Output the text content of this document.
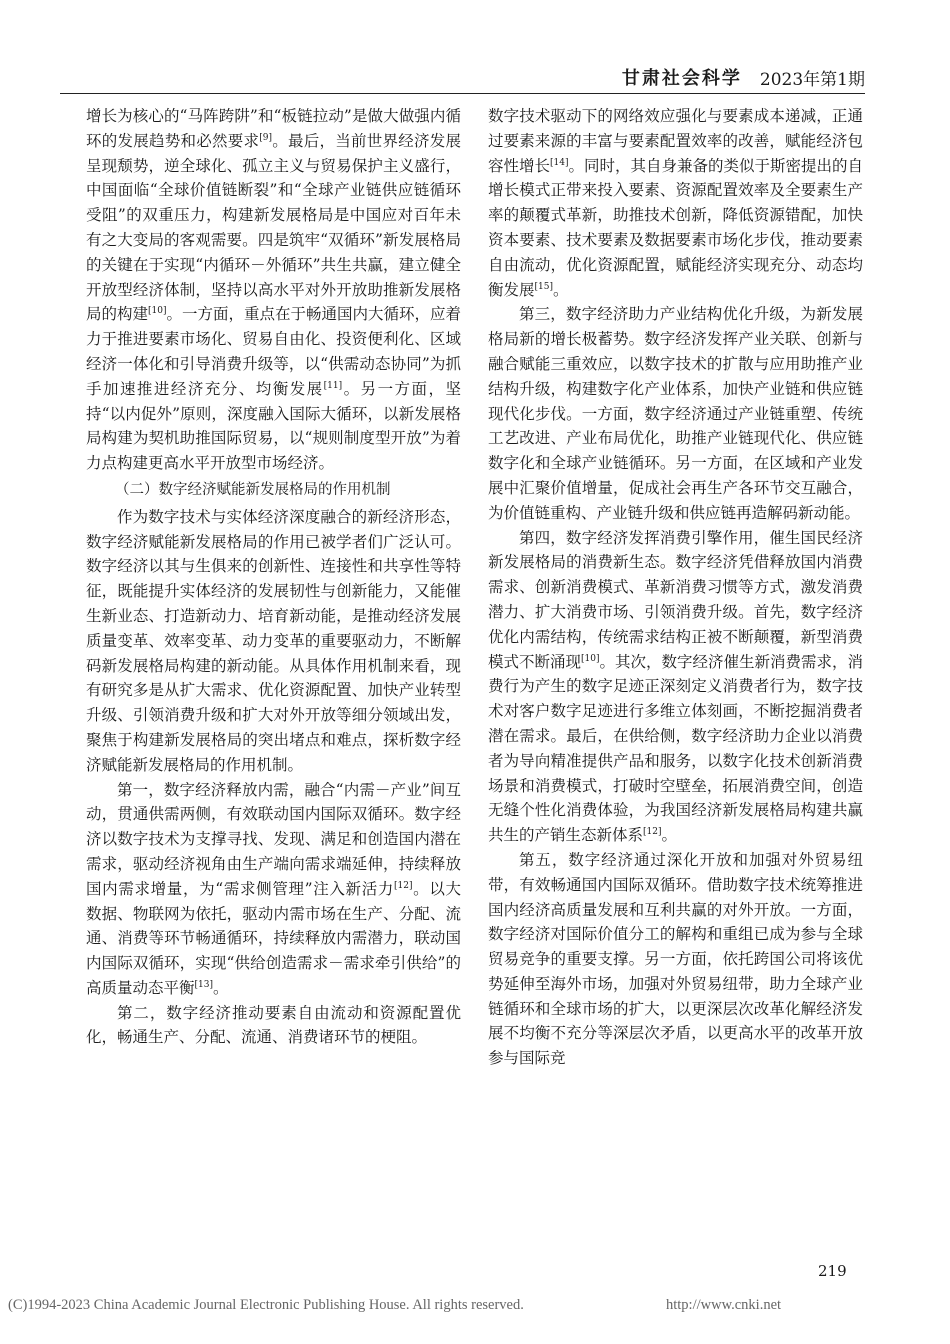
甘肃社会科学 2023年第1期

增长为核心的“马阵跨阱”和“板链拉动”是做大做强内循环的发展趋势和必然要求[9]。最后，当前世界经济发展呈现颓势，逆全球化、孤立主义与贸易保护主义盛行，中国面临“全球价值链断裂”和“全球产业链供应链循环受阻”的双重压力，构建新发展格局是中国应对百年未有之大变局的客观需要。四是筑牢“双循环”新发展格局的关键在于实现“内循环－外循环”共生共赢，建立健全开放型经济体制，坚持以高水平对外开放助推新发展格局的构建[10]。一方面，重点在于畅通国内大循环，应着力于推进要素市场化、贸易自由化、投资便利化、区域经济一体化和引导消费升级等，以“供需动态协同”为抓手加速推进经济充分、均衡发展[11]。另一方面，坚持“以内促外”原则，深度融入国际大循环，以新发展格局构建为契机助推国际贸易，以“规则制度型开放”为着力点构建更高水平开放型市场经济。

（二）数字经济赋能新发展格局的作用机制

作为数字技术与实体经济深度融合的新经济形态，数字经济赋能新发展格局的作用已被学者们广泛认可。数字经济以其与生俱来的创新性、连接性和共享性等特征，既能提升实体经济的发展韧性与创新能力，又能催生新业态、打造新动力、培育新动能，是推动经济发展质量变革、效率变革、动力变革的重要驱动力，不断解码新发展格局构建的新动能。从具体作用机制来看，现有研究多是从扩大需求、优化资源配置、加快产业转型升级、引领消费升级和扩大对外开放等细分领域出发，聚焦于构建新发展格局的突出堵点和难点，探析数字经济赋能新发展格局的作用机制。

第一，数字经济释放内需，融合“内需－产业”间互动，贯通供需两侧，有效联动国内国际双循环。数字经济以数字技术为支撑寻找、发现、满足和创造国内潜在需求，驱动经济视角由生产端向需求端延伸，持续释放国内需求增量，为“需求侧管理”注入新活力[12]。以大数据、物联网为依托，驱动内需市场在生产、分配、流通、消费等环节畅通循环，持续释放内需潜力，联动国内国际双循环，实现“供给创造需求－需求牵引供给”的高质量动态平衡[13]。

第二，数字经济推动要素自由流动和资源配置优化，畅通生产、分配、流通、消费诸环节的梗阻。

数字技术驱动下的网络效应强化与要素成本递减，正通过要素来源的丰富与要素配置效率的改善，赋能经济包容性增长[14]。同时，其自身兼备的类似于斯密提出的自增长模式正带来投入要素、资源配置效率及全要素生产率的颠覆式革新，助推技术创新，降低资源错配，加快资本要素、技术要素及数据要素市场化步伐，推动要素自由流动，优化资源配置，赋能经济实现充分、动态均衡发展[15]。

第三，数字经济助力产业结构优化升级，为新发展格局新的增长极蓄势。数字经济发挥产业关联、创新与融合赋能三重效应，以数字技术的扩散与应用助推产业结构升级，构建数字化产业体系，加快产业链和供应链现代化步伐。一方面，数字经济通过产业链重塑、传统工艺改进、产业布局优化，助推产业链现代化、供应链数字化和全球产业链循环。另一方面，在区域和产业发展中汇聚价值增量，促成社会再生产各环节交互融合，为价值链重构、产业链升级和供应链再造解码新动能。

第四，数字经济发挥消费引擎作用，催生国民经济新发展格局的消费新生态。数字经济凭借释放国内消费需求、创新消费模式、革新消费习惯等方式，激发消费潜力、扩大消费市场、引领消费升级。首先，数字经济优化内需结构，传统需求结构正被不断颠覆，新型消费模式不断涌现[10]。其次，数字经济催生新消费需求，消费行为产生的数字足迹正深刻定义消费者行为，数字技术对客户数字足迹进行多维立体刻画，不断挖掘消费者潜在需求。最后，在供给侧，数字经济助力企业以消费者为导向精准提供产品和服务，以数字化技术创新消费场景和消费模式，打破时空壁垒，拓展消费空间，创造无缝个性化消费体验，为我国经济新发展格局构建共赢共生的产销生态新体系[12]。

第五，数字经济通过深化开放和加强对外贸易纽带，有效畅通国内国际双循环。借助数字技术统筹推进国内经济高质量发展和互利共赢的对外开放。一方面，数字经济对国际价值分工的解构和重组已成为参与全球贸易竞争的重要支撑。另一方面，依托跨国公司将该优势延伸至海外市场，加强对外贸易纽带，助力全球产业链循环和全球市场的扩大，以更深层次改革化解经济发展不均衡不充分等深层次矛盾，以更高水平的改革开放参与国际竞

219
(C)1994-2023 China Academic Journal Electronic Publishing House. All rights reserved.	http://www.cnki.net
